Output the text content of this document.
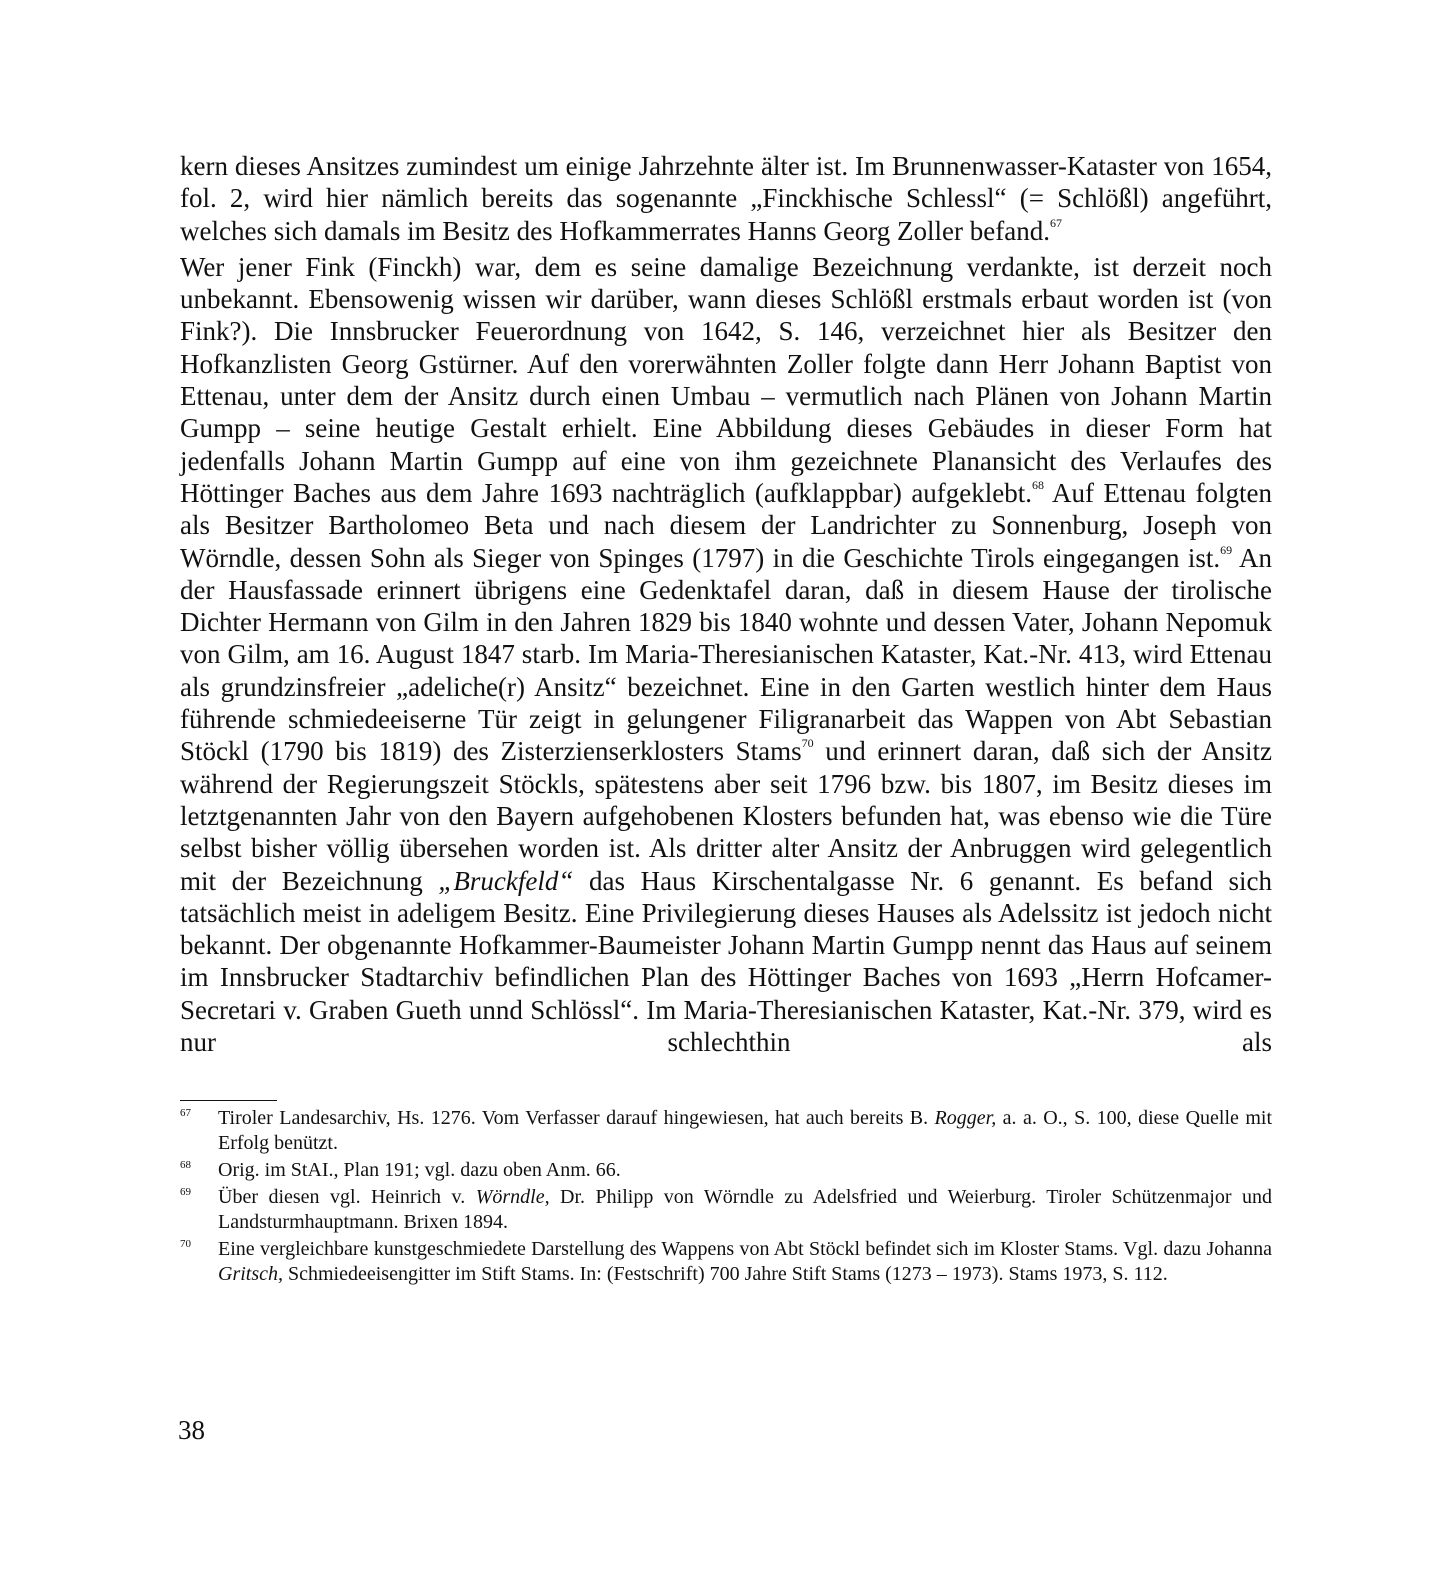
kern dieses Ansitzes zumindest um einige Jahrzehnte älter ist. Im Brunnenwasser-Kataster von 1654, fol. 2, wird hier nämlich bereits das sogenannte „Finckhische Schlessl“ (= Schlößl) angeführt, welches sich damals im Besitz des Hofkammerrates Hanns Georg Zoller befand.$^{67}$

Wer jener Fink (Finckh) war, dem es seine damalige Bezeichnung verdankte, ist derzeit noch unbekannt. Ebensowenig wissen wir darüber, wann dieses Schlößl erstmals erbaut worden ist (von Fink?). Die Innsbrucker Feuerordnung von 1642, S. 146, verzeichnet hier als Besitzer den Hofkanzlisten Georg Gstürner. Auf den vorerwähnten Zoller folgte dann Herr Johann Baptist von Ettenau, unter dem der Ansitz durch einen Umbau – vermutlich nach Plänen von Johann Martin Gumpp – seine heutige Gestalt erhielt. Eine Abbildung dieses Gebäudes in dieser Form hat jedenfalls Johann Martin Gumpp auf eine von ihm gezeichnete Planansicht des Verlaufes des Höttinger Baches aus dem Jahre 1693 nachträglich (aufklappbar) aufgeklebt.$^{68}$ Auf Ettenau folgten als Besitzer Bartholomeo Beta und nach diesem der Landrichter zu Sonnenburg, Joseph von Wörndle, dessen Sohn als Sieger von Spinges (1797) in die Geschichte Tirols eingegangen ist.$^{69}$ An der Hausfassade erinnert übrigens eine Gedenktafel daran, daß in diesem Hause der tirolische Dichter Hermann von Gilm in den Jahren 1829 bis 1840 wohnte und dessen Vater, Johann Nepomuk von Gilm, am 16. August 1847 starb. Im Maria-Theresianischen Kataster, Kat.-Nr. 413, wird Ettenau als grundzinsfreier „adeliche(r) Ansitz“ bezeichnet. Eine in den Garten westlich hinter dem Haus führende schmiedeeiserne Tür zeigt in gelungener Filigranarbeit das Wappen von Abt Sebastian Stöckl (1790 bis 1819) des Zisterzienserklosters Stams$^{70}$ und erinnert daran, daß sich der Ansitz während der Regierungszeit Stöckls, spätestens aber seit 1796 bzw. bis 1807, im Besitz dieses im letztgenannten Jahr von den Bayern aufgehobenen Klosters befunden hat, was ebenso wie die Türe selbst bisher völlig übersehen worden ist. Als dritter alter Ansitz der Anbruggen wird gelegentlich mit der Bezeichnung „Bruckfeld“ das Haus Kirschentalgasse Nr. 6 genannt. Es befand sich tatsächlich meist in adeligem Besitz. Eine Privilegierung dieses Hauses als Adelssitz ist jedoch nicht bekannt. Der obgenannte Hofkammer-Baumeister Johann Martin Gumpp nennt das Haus auf seinem im Innsbrucker Stadtarchiv befindlichen Plan des Höttinger Baches von 1693 „Herrn Hofcamer-Secretari v. Graben Gueth unnd Schlössl“. Im Maria-Theresianischen Kataster, Kat.-Nr. 379, wird es nur schlechthin als

67 Tiroler Landesarchiv, Hs. 1276. Vom Verfasser darauf hingewiesen, hat auch bereits B. Rogger, a. a. O., S. 100, diese Quelle mit Erfolg benützt.
68 Orig. im StAI., Plan 191; vgl. dazu oben Anm. 66.
69 Über diesen vgl. Heinrich v. Wörndle, Dr. Philipp von Wörndle zu Adelsfried und Weierburg. Tiroler Schützenmajor und Landsturmhauptmann. Brixen 1894.
70 Eine vergleichbare kunstgeschmiedete Darstellung des Wappens von Abt Stöckl befindet sich im Kloster Stams. Vgl. dazu Johanna Gritsch, Schmiedeeisengitter im Stift Stams. In: (Festschrift) 700 Jahre Stift Stams (1273 – 1973). Stams 1973, S. 112.
38
